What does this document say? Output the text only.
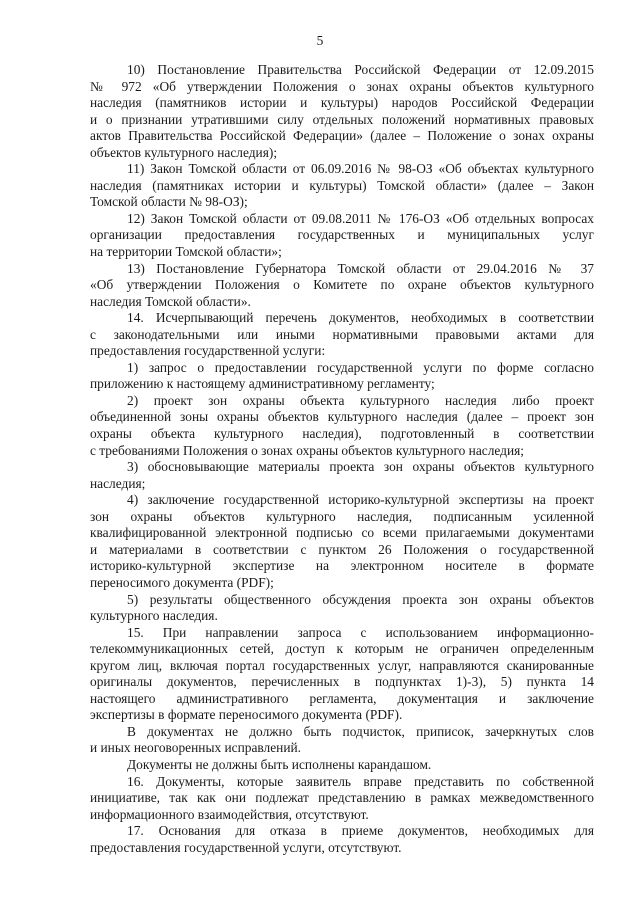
5
10) Постановление Правительства Российской Федерации от 12.09.2015
№ 972 «Об утверждении Положения о зонах охраны объектов культурного
наследия (памятников истории и культуры) народов Российской Федерации
и о признании утратившими силу отдельных положений нормативных правовых
актов Правительства Российской Федерации» (далее – Положение о зонах охраны
объектов культурного наследия);
11) Закон Томской области от 06.09.2016 № 98-ОЗ «Об объектах культурного
наследия (памятниках истории и культуры) Томской области» (далее – Закон
Томской области № 98-ОЗ);
12) Закон Томской области от 09.08.2011 № 176-ОЗ «Об отдельных вопросах
организации предоставления государственных и муниципальных услуг
на территории Томской области»;
13) Постановление Губернатора Томской области от 29.04.2016 № 37
«Об утверждении Положения о Комитете по охране объектов культурного
наследия Томской области».
14. Исчерпывающий перечень документов, необходимых в соответствии
с законодательными или иными нормативными правовыми актами для
предоставления государственной услуги:
1) запрос о предоставлении государственной услуги по форме согласно
приложению к настоящему административному регламенту;
2) проект зон охраны объекта культурного наследия либо проект
объединенной зоны охраны объектов культурного наследия (далее – проект зон
охраны объекта культурного наследия), подготовленный в соответствии
с требованиями Положения о зонах охраны объектов культурного наследия;
3) обосновывающие материалы проекта зон охраны объектов культурного
наследия;
4) заключение государственной историко-культурной экспертизы на проект
зон охраны объектов культурного наследия, подписанным усиленной
квалифицированной электронной подписью со всеми прилагаемыми документами
и материалами в соответствии с пунктом 26 Положения о государственной
историко-культурной экспертизе на электронном носителе в формате
переносимого документа (PDF);
5) результаты общественного обсуждения проекта зон охраны объектов
культурного наследия.
15. При направлении запроса с использованием информационно-
телекоммуникационных сетей, доступ к которым не ограничен определенным
кругом лиц, включая портал государственных услуг, направляются сканированные
оригиналы документов, перечисленных в подпунктах 1)-3), 5) пункта 14
настоящего административного регламента, документация и заключение
экспертизы в формате переносимого документа (PDF).
В документах не должно быть подчисток, приписок, зачеркнутых слов
и иных неоговоренных исправлений.
Документы не должны быть исполнены карандашом.
16. Документы, которые заявитель вправе представить по собственной
инициативе, так как они подлежат представлению в рамках межведомственного
информационного взаимодействия, отсутствуют.
17. Основания для отказа в приеме документов, необходимых для
предоставления государственной услуги, отсутствуют.
